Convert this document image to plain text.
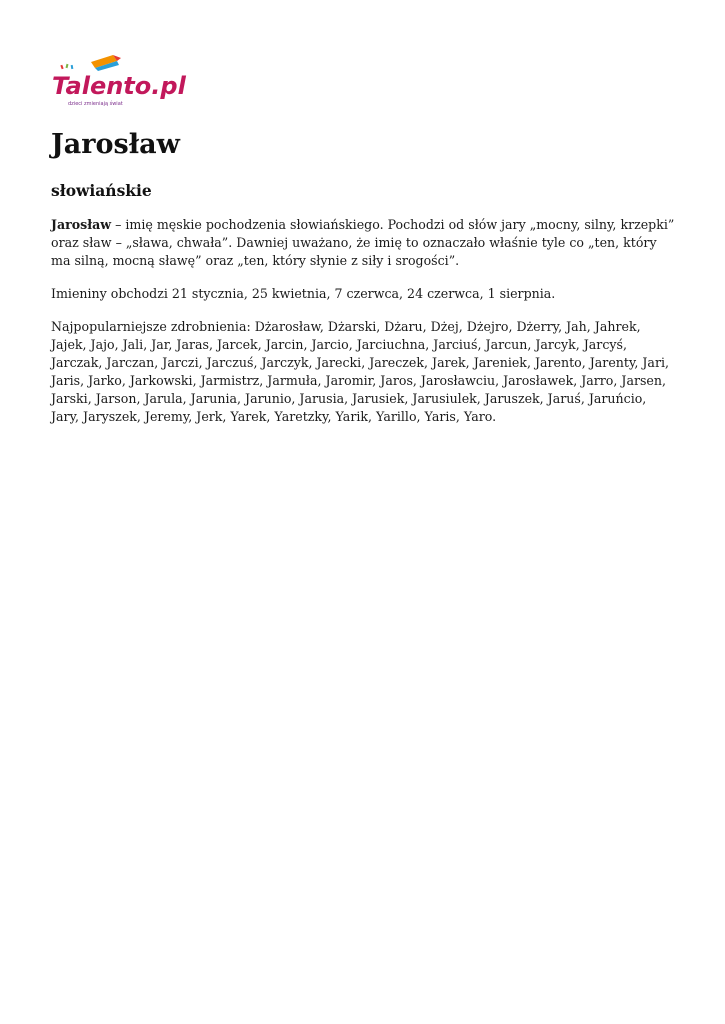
Talento.pl
dzieci zmieniają świat
Jarosław
słowiańskie

Jarosław – imię męskie pochodzenia słowiańskiego. Pochodzi od słów jary „mocny, silny, krzepki” oraz sław – „sława, chwała”. Dawniej uważano, że imię to oznaczało właśnie tyle co „ten, który ma silną, mocną sławę” oraz „ten, który słynie z siły i srogości”.

Imieniny obchodzi 21 stycznia, 25 kwietnia, 7 czerwca, 24 czerwca, 1 sierpnia.

Najpopularniejsze zdrobnienia: Dżarosław, Dżarski, Dżaru, Dżej, Dżejro, Dżerry, Jah, Jahrek, Jajek, Jajo, Jali, Jar, Jaras, Jarcek, Jarcin, Jarcio, Jarciuchna, Jarciuś, Jarcun, Jarcyk, Jarcyś, Jarczak, Jarczan, Jarczi, Jarczuś, Jarczyk, Jarecki, Jareczek, Jarek, Jareniek, Jarento, Jarenty, Jari, Jaris, Jarko, Jarkowski, Jarmistrz, Jarmuła, Jaromir, Jaros, Jarosławciu, Jarosławek, Jarro, Jarsen, Jarski, Jarson, Jarula, Jarunia, Jarunio, Jarusia, Jarusiek, Jarusiulek, Jaruszek, Jaruś, Jaruńcio, Jary, Jaryszek, Jeremy, Jerk, Yarek, Yaretzky, Yarik, Yarillo, Yaris, Yaro.
